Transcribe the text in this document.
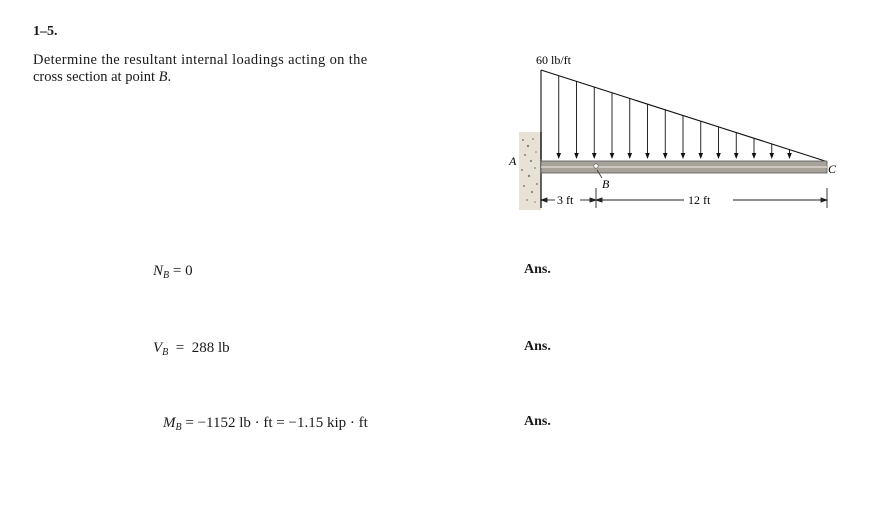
1–5.
Determine the resultant internal loadings acting on the
cross section at point B.
A
B
C
60 lb/ft
3 ft	12 ft
$N_B = 0$	Ans.
$V_B = 288$ lb	Ans.
$M_B = -1152$ lb · ft = −1.15 kip · ft	Ans.
